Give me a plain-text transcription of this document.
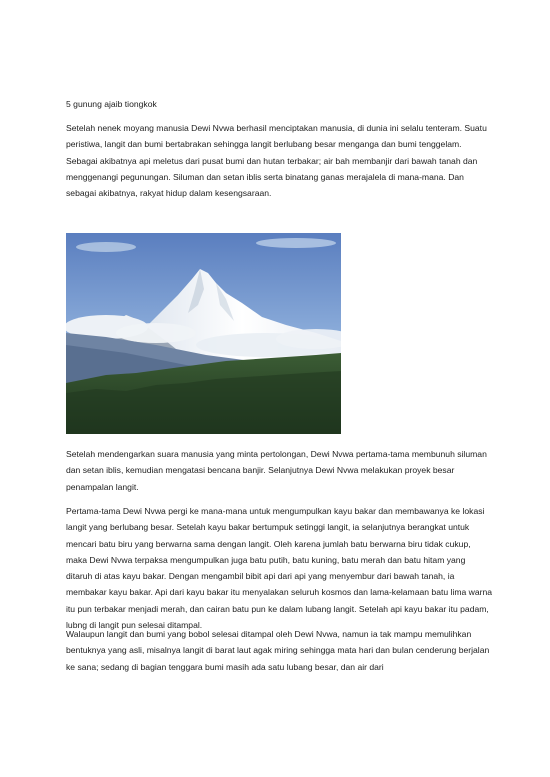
5 gunung ajaib tiongkok

Setelah nenek moyang manusia Dewi Nvwa berhasil menciptakan manusia, di dunia ini selalu tenteram. Suatu peristiwa, langit dan bumi bertabrakan sehingga langit berlubang besar menganga dan bumi tenggelam. Sebagai akibatnya api meletus dari pusat bumi dan hutan terbakar; air bah membanjir dari bawah tanah dan menggenangi pegunungan. Siluman dan setan iblis serta binatang ganas merajalela di mana-mana. Dan sebagai akibatnya, rakyat hidup dalam kesengsaraan.

Setelah mendengarkan suara manusia yang minta pertolongan, Dewi Nvwa pertama-tama membunuh siluman dan setan iblis, kemudian mengatasi bencana banjir. Selanjutnya Dewi Nvwa melakukan proyek besar penampalan langit.

Pertama-tama Dewi Nvwa pergi ke mana-mana untuk mengumpulkan kayu bakar dan membawanya ke lokasi langit yang berlubang besar. Setelah kayu bakar bertumpuk setinggi langit, ia selanjutnya berangkat untuk mencari batu biru yang berwarna sama dengan langit. Oleh karena jumlah batu berwarna biru tidak cukup, maka Dewi Nvwa terpaksa mengumpulkan juga batu putih, batu kuning, batu merah dan batu hitam yang ditaruh di atas kayu bakar. Dengan mengambil bibit api dari api yang menyembur dari bawah tanah, ia membakar kayu bakar. Api dari kayu bakar itu menyalakan seluruh kosmos dan lama-kelamaan batu lima warna itu pun terbakar menjadi merah, dan cairan batu pun ke dalam lubang langit. Setelah api kayu bakar itu padam, lubng di langit pun selesai ditampal.

Walaupun langit dan bumi yang bobol selesai ditampal oleh Dewi Nvwa, namun ia tak mampu memulihkan bentuknya yang asli, misalnya langit di barat laut agak miring sehingga mata hari dan bulan cenderung berjalan ke sana; sedang di bagian tenggara bumi masih ada satu lubang besar, dan air dari
